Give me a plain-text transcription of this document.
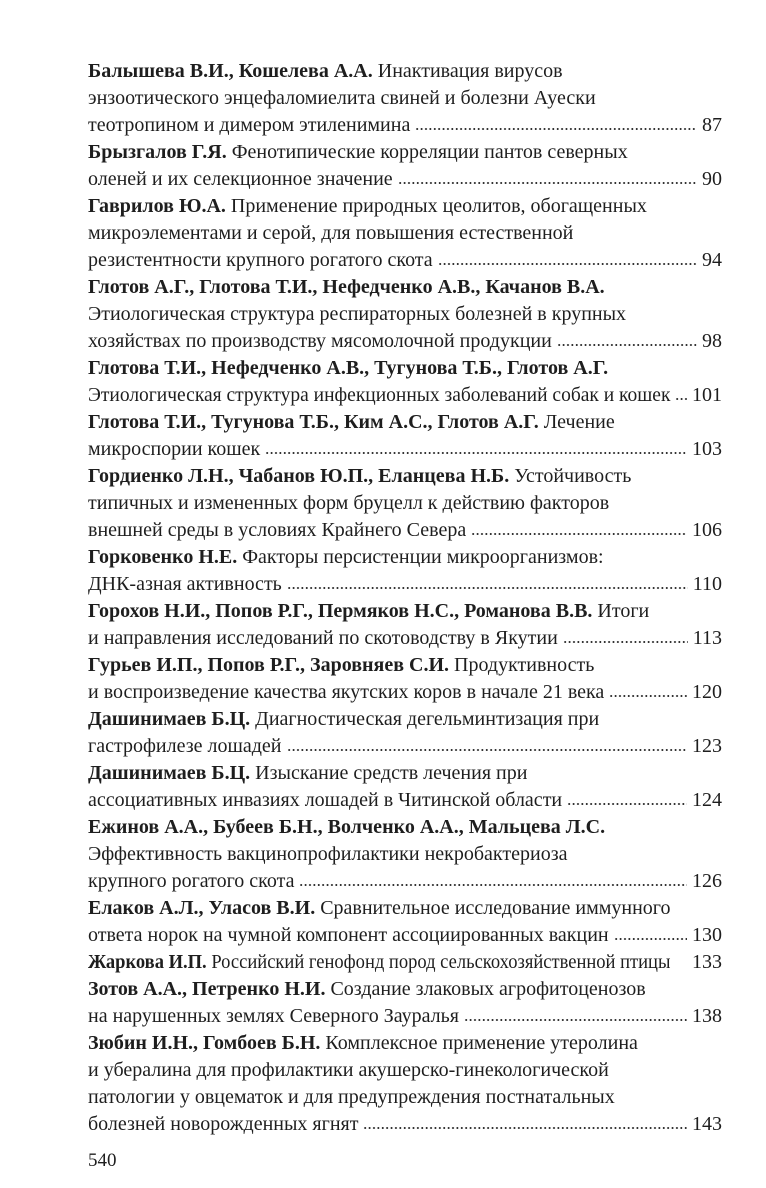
Балышева В.И., Кошелева А.А. Инактивация вирусов
энзоотического энцефаломиелита свиней и болезни Ауески
теотропином и димером этиленимина	87
Брызгалов Г.Я. Фенотипические корреляции пантов северных
оленей и их селекционное значение	90
Гаврилов Ю.А. Применение природных цеолитов, обогащенных
микроэлементами и серой, для повышения естественной
резистентности крупного рогатого скота	94
Глотов А.Г., Глотова Т.И., Нефедченко А.В., Качанов В.А.
Этиологическая структура респираторных болезней в крупных
хозяйствах по производству мясомолочной продукции	98
Глотова Т.И., Нефедченко А.В., Тугунова Т.Б., Глотов А.Г.
Этиологическая структура инфекционных заболеваний собак и кошек 101
Глотова Т.И., Тугунова Т.Б., Ким А.С., Глотов А.Г. Лечение
микроспории кошек	103
Гордиенко Л.Н., Чабанов Ю.П., Еланцева Н.Б. Устойчивость
типичных и измененных форм бруцелл к действию факторов
внешней среды в условиях Крайнего Севера	106
Горковенко Н.Е. Факторы персистенции микроорганизмов:
ДНК-азная активность	110
Горохов Н.И., Попов Р.Г., Пермяков Н.С., Романова В.В. Итоги
и направления исследований по скотоводству в Якутии	113
Гурьев И.П., Попов Р.Г., Заровняев С.И. Продуктивность
и воспроизведение качества якутских коров в начале 21 века	120
Дашинимаев Б.Ц. Диагностическая дегельминтизация при
гастрофилезе лошадей	123
Дашинимаев Б.Ц. Изыскание средств лечения при
ассоциативных инвазиях лошадей в Читинской области	124
Ежинов А.А., Бубеев Б.Н., Волченко А.А., Мальцева Л.С.
Эффективность вакцинопрофилактики некробактериоза
крупного рогатого скота	126
Елаков А.Л., Уласов В.И. Сравнительное исследование иммунного
ответа норок на чумной компонент ассоциированных вакцин	130
Жаркова И.П. Российский генофонд пород сельскохозяйственной птицы 133
Зотов А.А., Петренко Н.И. Создание злаковых агрофитоценозов
на нарушенных землях Северного Зауралья	138
Зюбин И.Н., Гомбоев Б.Н. Комплексное применение утеролина
и убералина для профилактики акушерско-гинекологической
патологии у овцематок и для предупреждения постнатальных
болезней новорожденных ягнят	143
540
